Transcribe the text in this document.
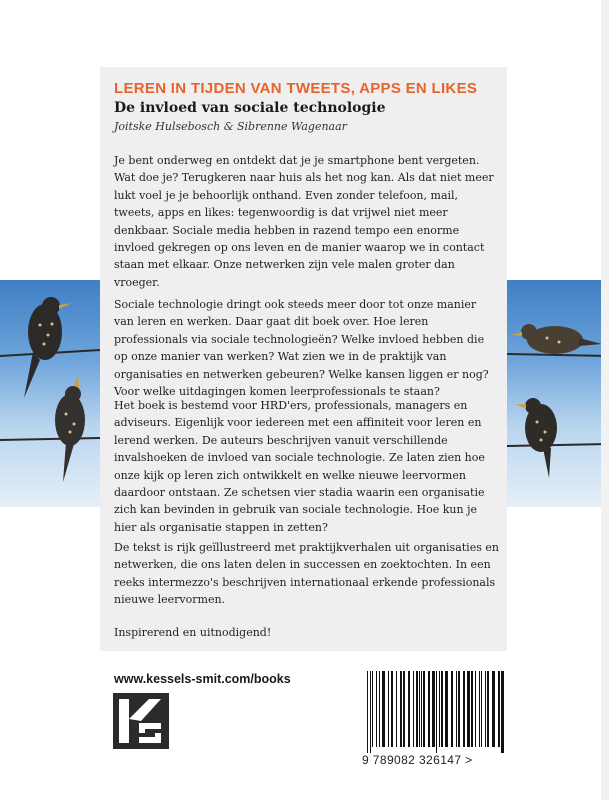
LEREN IN TIJDEN VAN TWEETS, APPS EN LIKES
De invloed van sociale technologie

Joitske Hulsebosch & Sibrenne Wagenaar

Je bent onderweg en ontdekt dat je je smartphone bent vergeten. Wat doe je? Terugkeren naar huis als het nog kan. Als dat niet meer lukt voel je je behoorlijk onthand. Even zonder telefoon, mail, tweets, apps en likes: tegenwoordig is dat vrijwel niet meer denkbaar. Sociale media hebben in razend tempo een enorme invloed gekregen op ons leven en de manier waarop we in contact staan met elkaar. Onze netwerken zijn vele malen groter dan vroeger.

Sociale technologie dringt ook steeds meer door tot onze manier van leren en werken. Daar gaat dit boek over. Hoe leren professionals via sociale technologieën? Welke invloed hebben die op onze manier van werken? Wat zien we in de praktijk van organisaties en netwerken gebeuren? Welke kansen liggen er nog? Voor welke uitdagingen komen leerprofessionals te staan?

Het boek is bestemd voor HRD'ers, professionals, managers en adviseurs. Eigenlijk voor iedereen met een affiniteit voor leren en lerend werken. De auteurs beschrijven vanuit verschillende invalshoeken de invloed van sociale technologie. Ze laten zien hoe onze kijk op leren zich ontwikkelt en welke nieuwe leervormen daardoor ontstaan. Ze schetsen vier stadia waarin een organisatie zich kan bevinden in gebruik van sociale technologie. Hoe kun je hier als organisatie stappen in zetten?

De tekst is rijk geïllustreerd met praktijkverhalen uit organisaties en netwerken, die ons laten delen in successen en zoektochten. In een reeks intermezzo's beschrijven internationaal erkende professionals nieuwe leervormen.

Inspirerend en uitnodigend!

www.kessels-smit.com/books

9 789082 326147 >
